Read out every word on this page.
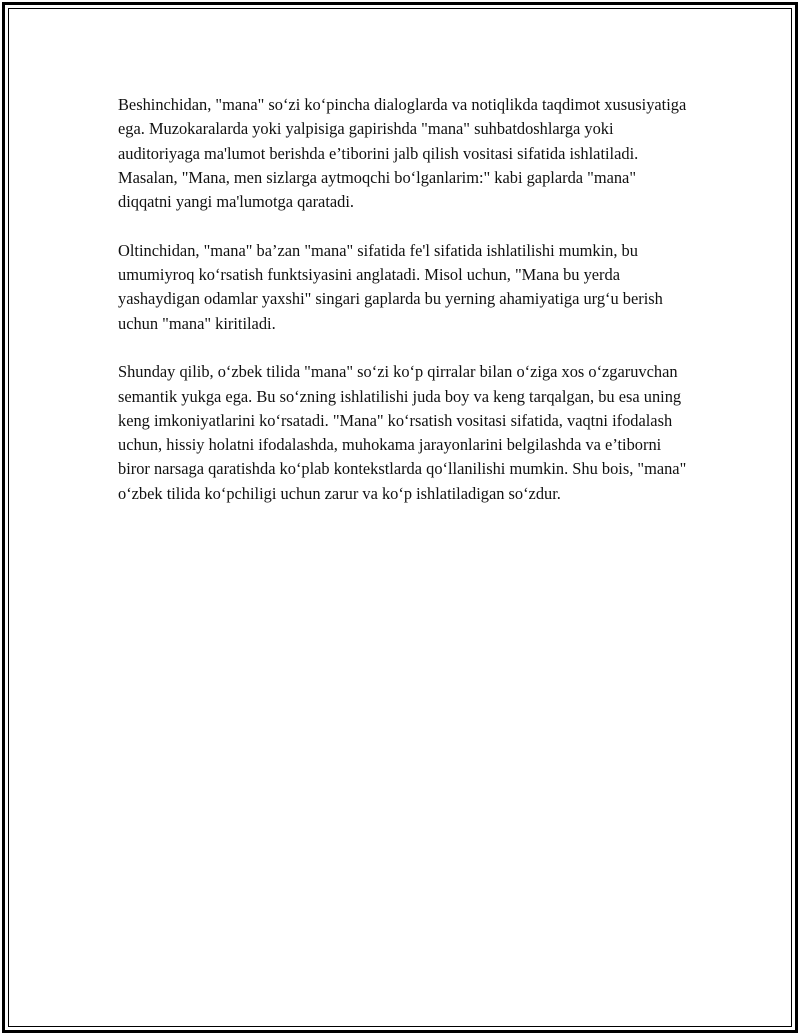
Beshinchidan, "mana" so‘zi ko‘pincha dialoglarda va notiqlikda taqdimot xususiyatiga ega. Muzokaralarda yoki yalpisiga gapirishda "mana" suhbatdoshlarga yoki auditoriyaga ma'lumot berishda e’tiborini jalb qilish vositasi sifatida ishlatiladi. Masalan, "Mana, men sizlarga aytmoqchi bo‘lganlarim:" kabi gaplarda "mana" diqqatni yangi ma'lumotga qaratadi.

Oltinchidan, "mana" ba’zan "mana" sifatida fe'l sifatida ishlatilishi mumkin, bu umumiyroq ko‘rsatish funktsiyasini anglatadi. Misol uchun, "Mana bu yerda yashaydigan odamlar yaxshi" singari gaplarda bu yerning ahamiyatiga urg‘u berish uchun "mana" kiritiladi.

Shunday qilib, o‘zbek tilida "mana" so‘zi ko‘p qirralar bilan o‘ziga xos o‘zgaruvchan semantik yukga ega. Bu so‘zning ishlatilishi juda boy va keng tarqalgan, bu esa uning keng imkoniyatlarini ko‘rsatadi. "Mana" ko‘rsatish vositasi sifatida, vaqtni ifodalash uchun, hissiy holatni ifodalashda, muhokama jarayonlarini belgilashda va e’tiborni biror narsaga qaratishda ko‘plab kontekstlarda qo‘llanilishi mumkin. Shu bois, "mana" o‘zbek tilida ko‘pchiligi uchun zarur va ko‘p ishlatiladigan so‘zdur.
